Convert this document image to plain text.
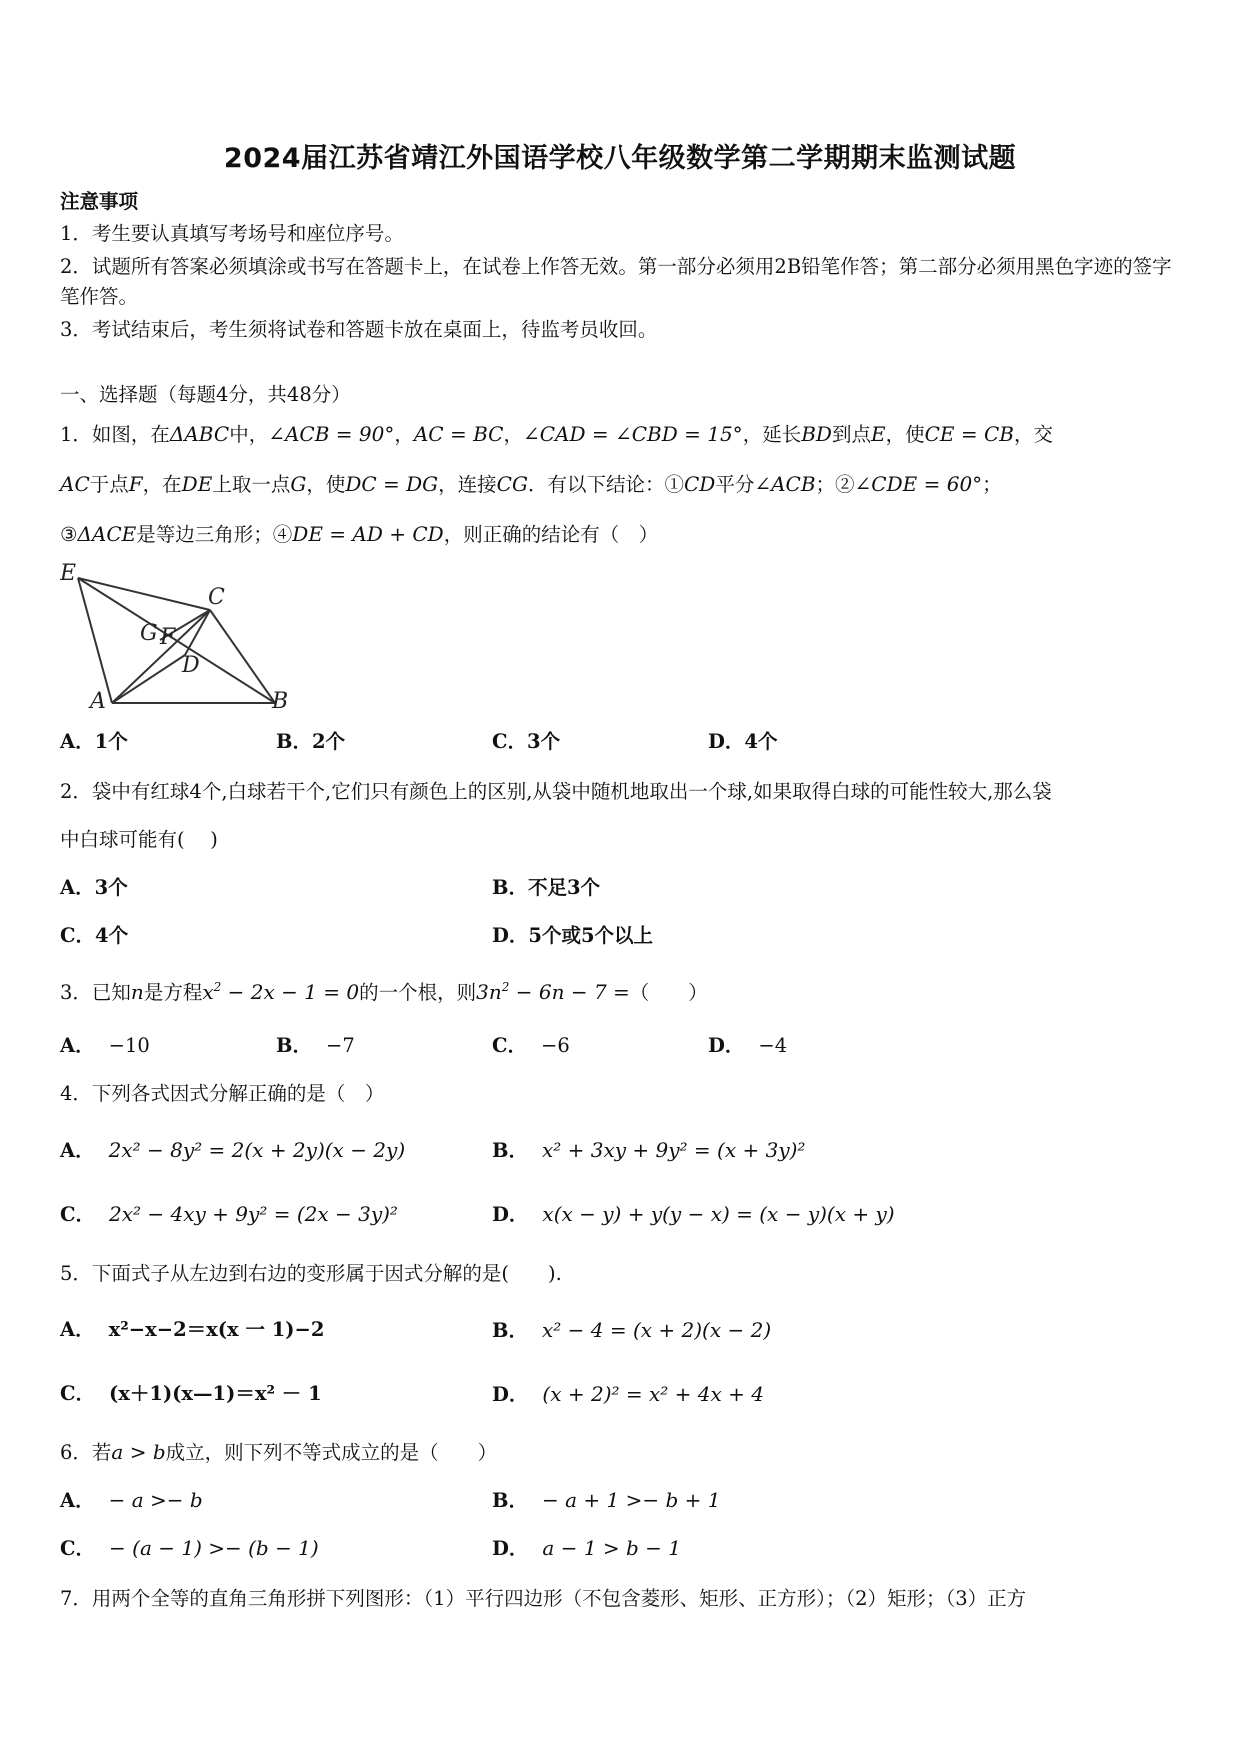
2024届江苏省靖江外国语学校八年级数学第二学期期末监测试题
注意事项
1．考生要认真填写考场号和座位序号。
2．试题所有答案必须填涂或书写在答题卡上，在试卷上作答无效。第一部分必须用2B铅笔作答；第二部分必须用黑色字迹的签字笔作答。
3．考试结束后，考生须将试卷和答题卡放在桌面上，待监考员收回。
一、选择题（每题4分，共48分）
1．如图，在ΔABC中，∠ACB = 90°，AC = BC，∠CAD = ∠CBD = 15°，延长BD到点E，使CE = CB，交
AC于点F，在DE上取一点G，使DC = DG，连接CG．有以下结论：①CD平分∠ACB；②∠CDE = 60°；
③ΔACE是等边三角形；④DE = AD + CD，则正确的结论有（　）
E
C
G F
D
A	B
A．1个	B．2个	C．3个	D．4个
2．袋中有红球4个,白球若干个,它们只有颜色上的区别,从袋中随机地取出一个球,如果取得白球的可能性较大,那么袋
中白球可能有(　 )
A．3个	B．不足3个
C．4个	D．5个或5个以上
3．已知n是方程$x^2 - 2x - 1 = 0$的一个根，则$3n^2 - 6n - 7$ =（　　）
A． −10	B． −7	C． −6	D． −4
4．下列各式因式分解正确的是（　）
A． 2x² − 8y² = 2(x + 2y)(x − 2y)	B． x² + 3xy + 9y² = (x + 3y)²
C． 2x² − 4xy + 9y² = (2x − 3y)²	D． x(x − y) + y(y − x) = (x − y)(x + y)
5．下面式子从左边到右边的变形属于因式分解的是(　　).
A． x²−x−2＝x(x 一 1)−2	B． x² − 4 = (x + 2)(x − 2)
C． (x＋1)(x—1)＝x² － 1	D． (x + 2)² = x² + 4x + 4
6．若a > b成立，则下列不等式成立的是（　　）
A． − a >− b	B． − a + 1 >− b + 1
C． − (a − 1) >− (b − 1)	D． a − 1 > b − 1
7．用两个全等的直角三角形拼下列图形：（1）平行四边形（不包含菱形、矩形、正方形）；（2）矩形；（3）正方
